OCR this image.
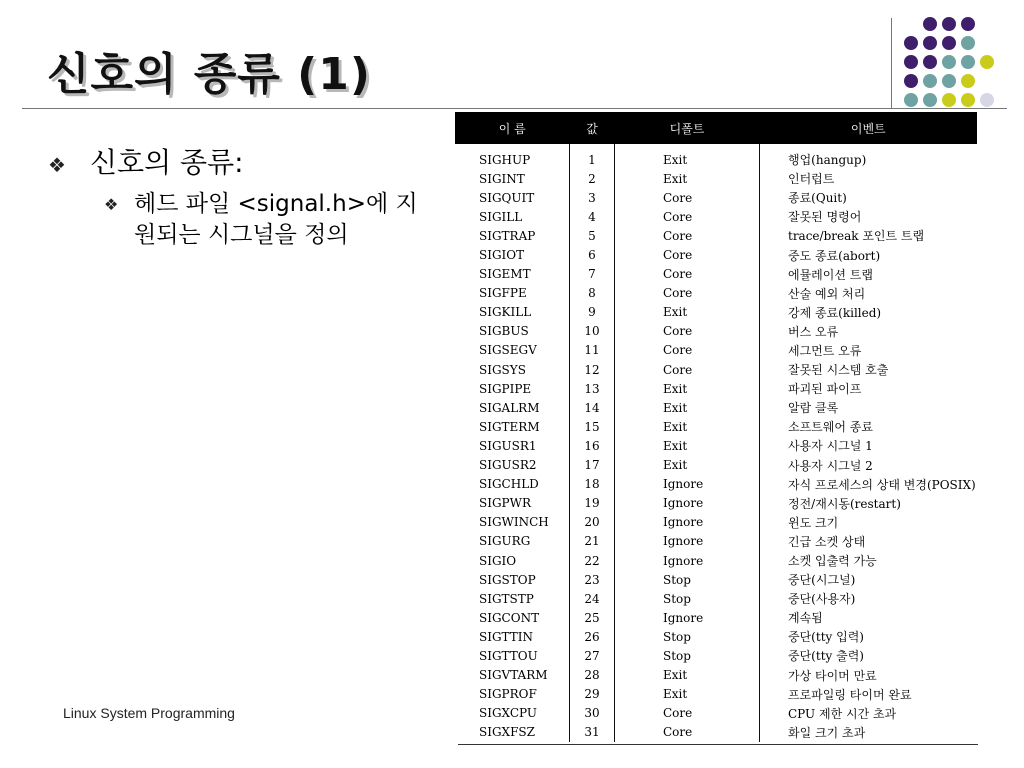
신호의 종류 (1)
❖ 신호의 종류:
❖ 헤드 파일 <signal.h>에 지원되는 시그널을 정의
이 름	값	디폴트	이벤트
SIGHUP	1	Exit	행업(hangup)
SIGINT	2	Exit	인터럽트
SIGQUIT	3	Core	종료(Quit)
SIGILL	4	Core	잘못된 명령어
SIGTRAP	5	Core	trace/break 포인트 트랩
SIGIOT	6	Core	중도 종료(abort)
SIGEMT	7	Core	에뮬레이션 트랩
SIGFPE	8	Core	산술 예외 처리
SIGKILL	9	Exit	강제 종료(killed)
SIGBUS	10	Core	버스 오류
SIGSEGV	11	Core	세그먼트 오류
SIGSYS	12	Core	잘못된 시스템 호출
SIGPIPE	13	Exit	파괴된 파이프
SIGALRM	14	Exit	알람 클록
SIGTERM	15	Exit	소프트웨어 종료
SIGUSR1	16	Exit	사용자 시그널 1
SIGUSR2	17	Exit	사용자 시그널 2
SIGCHLD	18	Ignore	자식 프로세스의 상태 변경(POSIX)
SIGPWR	19	Ignore	정전/재시동(restart)
SIGWINCH	20	Ignore	윈도 크기
SIGURG	21	Ignore	긴급 소켓 상태
SIGIO	22	Ignore	소켓 입출력 가능
SIGSTOP	23	Stop	중단(시그널)
SIGTSTP	24	Stop	중단(사용자)
SIGCONT	25	Ignore	계속됨
SIGTTIN	26	Stop	중단(tty 입력)
SIGTTOU	27	Stop	중단(tty 출력)
SIGVTARM	28	Exit	가상 타이머 만료
SIGPROF	29	Exit	프로파일링 타이머 완료
SIGXCPU	30	Core	CPU 제한 시간 초과
SIGXFSZ	31	Core	화일 크기 초과
Linux System Programming
